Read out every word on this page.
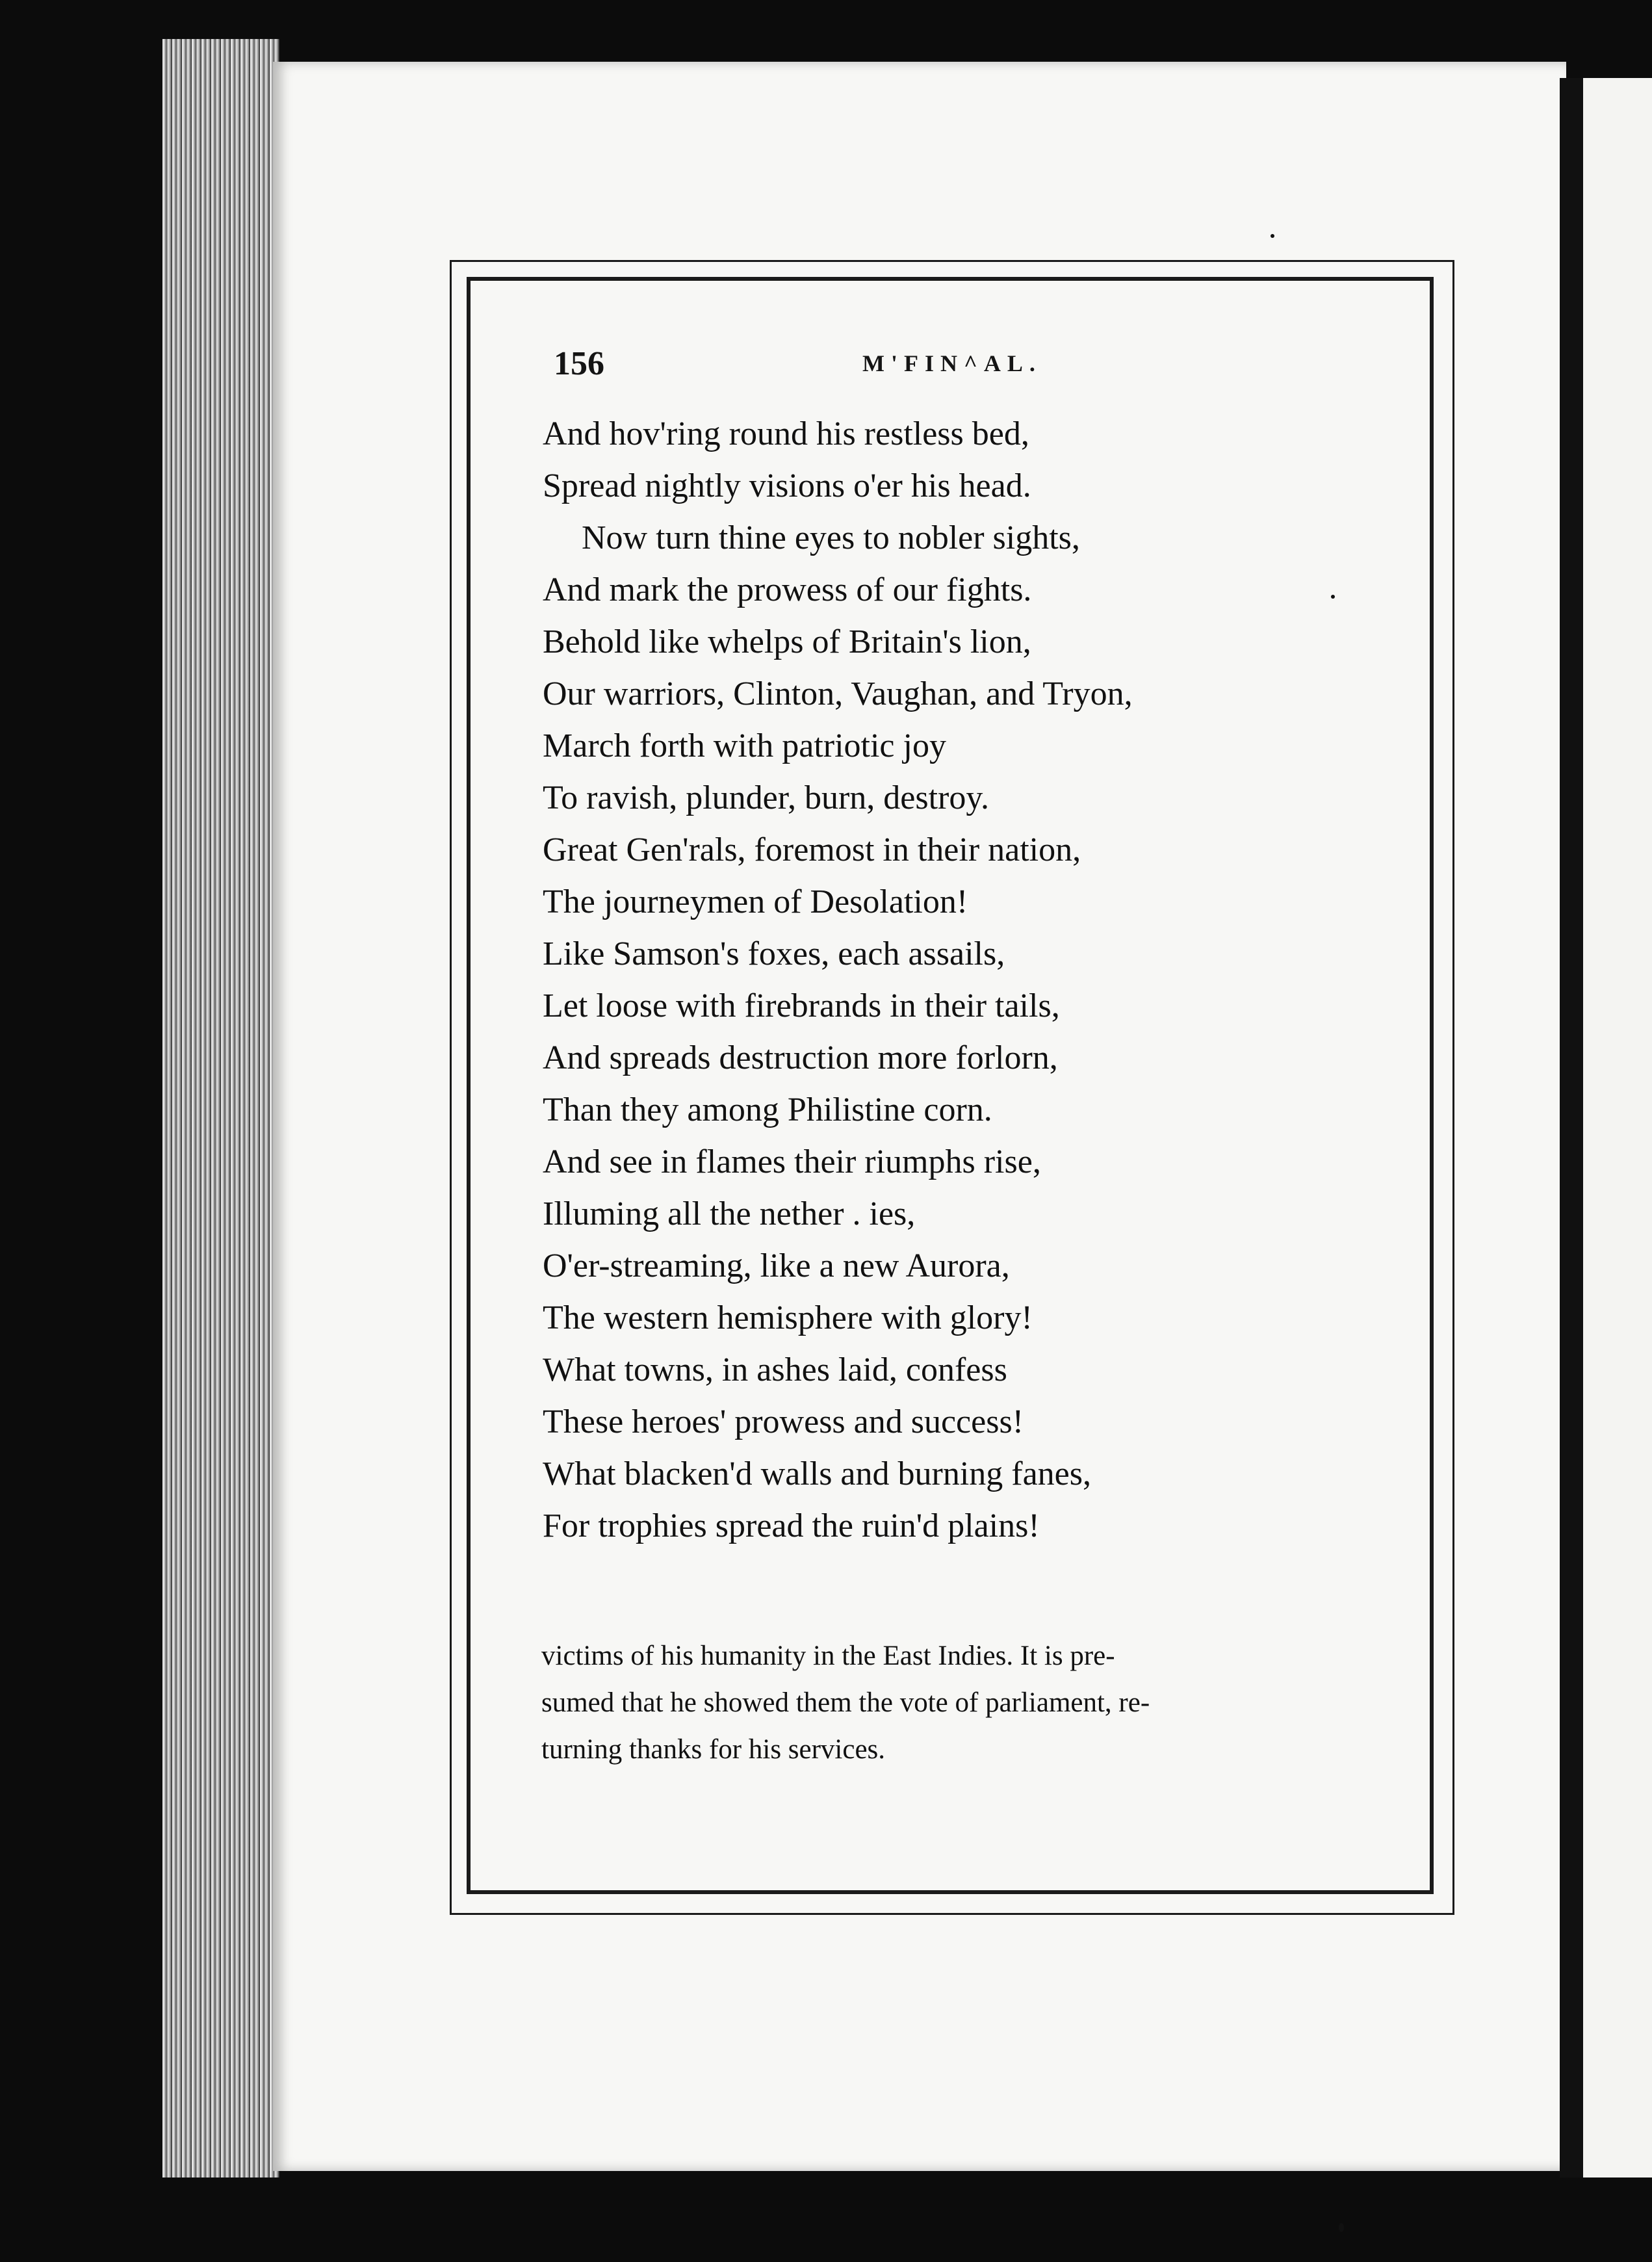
156	M'FIN^AL.
And hov'ring round his restless bed,
Spread nightly visions o'er his head.
Now turn thine eyes to nobler sights,
And mark the prowess of our fights.
Behold like whelps of Britain's lion,
Our warriors, Clinton, Vaughan, and Tryon,
March forth with patriotic joy
To ravish, plunder, burn, destroy.
Great Gen'rals, foremost in their nation,
The journeymen of Desolation!
Like Samson's foxes, each assails,
Let loose with firebrands in their tails,
And spreads destruction more forlorn,
Than they among Philistine corn.
And see in flames their riumphs rise,
Illuming all the nether . ies,
O'er-streaming, like a new Aurora,
The western hemisphere with glory!
What towns, in ashes laid, confess
These heroes' prowess and success!
What blacken'd walls and burning fanes,
For trophies spread the ruin'd plains!
victims of his humanity in the East Indies. It is pre-
sumed that he showed them the vote of parliament, re-
turning thanks for his services.
